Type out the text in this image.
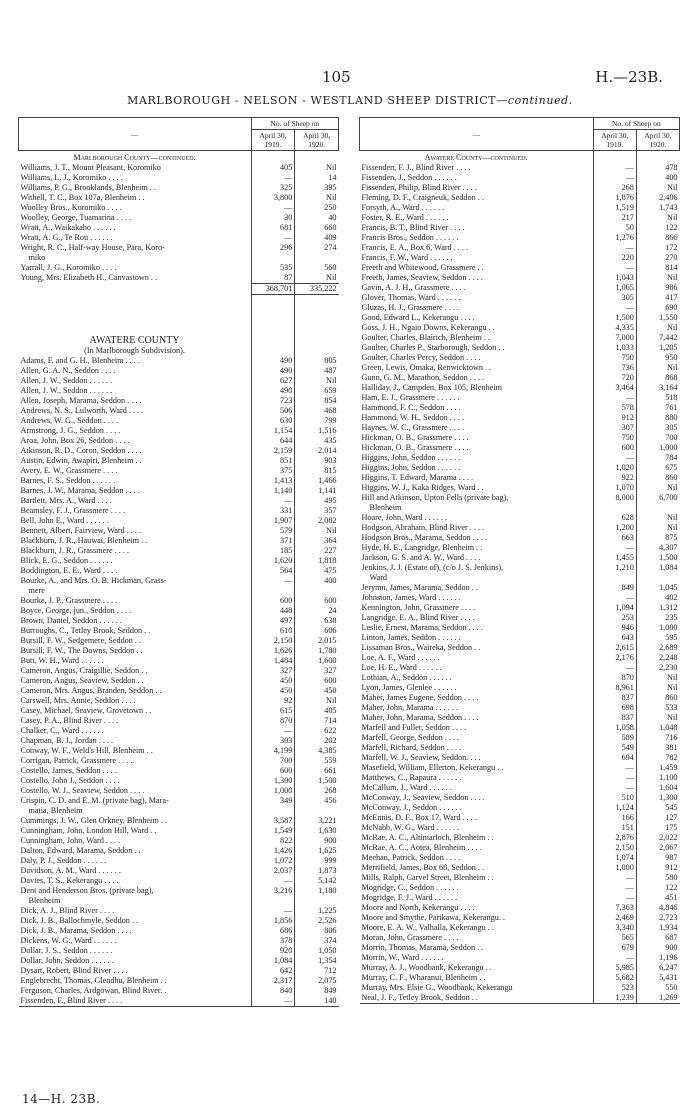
105	H.—23B.
MARLBOROUGH - NELSON - WESTLAND SHEEP DISTRICT—continued.
—	No. of Sheep on	
	April 30, 1919.	April 30, 1920.
Marlborough County—continued.		
Williams, J. T., Mount Pleasant, Koromiko	405	Nil
Williams, L. J., Koromiko . . . .	—	14
Williams, P. G., Brooklands, Blenheim . .	325	395
Withell, T. C., Box 107a, Blenheim . .	3,800	Nil
Woolley Bros., Koromiko . . . .	—	250
Woolley, George, Tuamarina . . . .	30	40
Wratt, A., Waikakaho . . . . . .	681	660
Wratt, A. G., Te Rou . . . . . .	—	409
Wright, R. C., Half-way House, Para, Koro-	296	274
miko		
Yarrall, J. G., Koromiko . . . .	535	560
Young, Mrs. Elizabeth H., Canvastown . .	87	Nil
	368,701	335,222

AWATERE COUNTY		
(In Marlborough Subdivision).		
Adams, F. and G. H., Blenheim . . . .	490	805
Allen, G. A. N., Seddon . . . .	490	487
Allen, J. W., Seddon . . . . . .	627	Nil
Allen, J. W., Seddon . . . . . .	490	659
Allen, Joseph, Marama, Seddon . . . .	723	854
Andrews, N. S., Lulworth, Ward . . . .	506	468
Andrews, W. G., Seddon . . . .	630	799
Armstrong, J. G., Seddon . . . .	1,154	1,516
Aroa, John, Box 26, Seddon . . . .	644	435
Atkinson, R. D., Coron, Seddon . . . .	2,159	2,014
Austin, Edwin, Awapiri, Blenheim . .	851	903
Avery, E. W., Grassmere . . . .	375	815
Barnes, F. S., Seddon . . . . . .	1,413	1,466
Barnes, J. W., Marama, Seddon . . . .	1,140	1,141
Bartlett, Mrs. A., Ward . . . .	—	495
Beamsley, F. J., Grassmere . . . .	331	357
Bell, John E., Ward . . . . . .	1,907	2,082
Bennett, Albert, Fairview, Ward . . . .	579	Nil
Blackburn, J. R., Hauwai, Blenheim . .	371	364
Blackburn, J. R., Grassmere . . . .	185	227
Blick, E. G., Seddon . . . . . .	1,620	1,818
Boddington, E. E., Ward . . . .	564	475
Bourke, A., and Mrs. O. B. Hickman, Grass-	—	400
mere		
Bourke, J. P., Grassmere . . . .	600	600
Boyce, George, jun., Seddon . . . .	448	24
Brown, Daniel, Seddon . . . . . .	497	638
Burroughs, C., Tetley Brook, Seddon . .	610	606
Bursill, F. W., Sedgemere, Seddon . .	2,150	2,015
Bursill, F. W., The Downs, Seddon . .	1,626	1,780
Butt, W. H., Ward . . . . . .	1,484	1,600
Cameron, Angus, Craigillie, Seddon . .	327	327
Cameron, Angus, Seaview, Seddon . .	450	600
Cameron, Mrs. Angus, Branden, Seddon . .	450	450
Carswell, Mrs. Annie, Seddon . . . .	92	Nil
Casey, Michael, Seaview, Grovetown . .	615	405
Casey, P. A., Blind River . . . .	870	714
Chalker, C., Ward . . . . . .	—	622
Chapman, B. J., Jordan . . . .	303	202
Conway, W. F., Weld's Hill, Blenheim . .	4,199	4,385
Corrigan, Patrick, Grassmere . . . .	700	559
Costello, James, Seddon . . . .	600	661
Costello, John J., Seddon . . . .	1,300	1,500
Costello, W. J., Seaview, Seddon . . . .	1,000	268
Crispin, C. D. and E. M. (private bag), Mara-	349	456
matia, Blenheim		
Cummings, J. W., Glen Orkney, Blenheim . .	3,587	3,221
Cunningham, John, London Hill, Ward . .	1,549	1,630
Cunningham, John, Ward . . . .	822	900
Dalton, Edward, Marama, Seddon . .	1,426	1,625
Daly, P. J., Seddon . . . . . .	1,072	999
Davidson, A. M., Ward . . . . . .	2,037	1,873
Davies, T. S., Kekerangu . . . .	—	5,142
Dent and Henderson Bros. (private bag),	3,216	1,180
Blenheim		
Dick, A. J., Blind River . . . .	—	1,225
Dick, J. B., Ballochmyle, Seddon . .	1,856	2,526
Dick, J. B., Marama, Seddon . . . .	686	806
Dickens, W. G., Ward . . . . . .	378	374
Dollar, J. S., Seddon . . . . . .	920	1,050
Dollar, John, Seddon . . . . . .	1,084	1,354
Dysart, Robert, Blind River . . . .	642	712
Englebrecht, Thomas, Glendhu, Blenheim . .	2,317	2,075
Ferguson, Charles, Ardgowan, Blind River. .	840	849
Fissenden, F., Blind River . . . .	—	140
—	No. of Sheep on	
	April 30, 1919.	April 30, 1920.
Awatere County—continued.		
Fissenden, F. J., Blind River . . . .	—	478
Fissenden, J., Seddon . . . . . .	—	400
Fissenden, Philip, Blind River . . . .	268	Nil
Fleming, D. F., Craigneuk, Seddon . .	1,876	2,406
Forsyth, A., Ward . . . . . .	1,519	1,743
Foster, R. E., Ward . . . . . .	217	Nil
Francis, B. T., Blind River . . . .	50	122
Francis Bros., Seddon . . . . . .	1,276	866
Francis, E. A., Box 6, Ward . . . .	—	172
Francis, F. W., Ward . . . . . .	220	270
Freeth and Whitewood, Grassmere . .	—	814
Freeth, James, Seaview, Seddon . . . .	1,043	Nil
Gavin, A. J. H., Grassmere . . . .	1,065	986
Glover, Thomas, Ward . . . . . .	305	417
Gluzas, H. J., Grassmere . . . .	—	690
Good, Edward L., Kekerangu . . . .	1,500	1,550
Goss, J. H., Ngaio Downs, Kekerangu . .	4,335	Nil
Goulter, Charles, Blairich, Blenheim . .	7,000	7,442
Goulter, Charles P., Starborough, Seddon . .	1,033	1,205
Goulter, Charles Percy, Seddon . . . .	750	950
Green, Lewis, Omaka, Renwicktown . .	736	Nil
Gunn, G. M., Marathon, Seddon . . . .	720	868
Halliday, J., Campden, Box 105, Blenheim	3,464	3,164
Ham, E. J., Grassmere . . . . . .	—	518
Hammond, F. C., Seddon . . . .	578	761
Hammond, W. H., Seddon . . . .	912	880
Haynes, W. C., Grassmere . . . .	307	305
Hickman, O. B., Grassmere . . . .	750	700
Hickman, O. B., Grassmere . . . .	600	1,000
Higgins, John, Seddon . . . . . .	—	784
Higgins, John, Seddon . . . . . .	1,020	675
Higgins, T. Edward, Marama . . . .	922	860
Higgins, W. J., Kaka Ridges, Ward . .	1,070	Nil
Hill and Atkinson, Upton Fells (private bag),	8,000	6,700
Blenheim		
Hoare, John, Ward . . . . . .	628	Nil
Hodgson, Abraham, Blind River . . . .	1,200	Nil
Hodgson Bros., Marama, Seddon . . . .	663	875
Hyde, H. E., Langridge, Blenheim . .	—	4,307
Jackson, G. S. and A. W., Ward . . . .	1,455	1,500
Jenkins, J. J. (Estate of), (c/o J. S. Jenkins),	1,210	1,084
Ward		
Jerymn, James, Marama, Seddon . .	849	1,045
Johnston, James, Ward . . . . . .	—	402
Kennington, John, Grassmere . . . .	1,094	1,312
Langridge, E. A., Blind River . . . .	253	235
Leslie, Ernest, Marama, Seddon . . . .	946	1,000
Linton, James, Seddon . . . . . .	643	595
Lissaman Bros., Waireka, Seddon . .	2,615	2,689
Loe, A. F., Ward . . . . . .	2,176	2,248
Loe, H. E., Ward . . . . . .	—	2,230
Lothian, A., Seddon . . . . . .	870	Nil
Lyon, James, Glenlee . . . . . .	8,961	Nil
Maher, James Eugene, Seddon . . . .	837	860
Maher, John, Marama . . . . . .	698	533
Maher, John, Marama, Seddon . . . .	837	Nil
Marfell and Fuller, Seddon . . . .	1,058	1,048
Marfell, George, Seddon . . . .	589	716
Marfell, Richard, Seddon . . . .	549	381
Marfell, W. J., Seaview, Seddon. . . .	694	782
Masefield, William, Ellerton, Kekerangu . .	—	1,459
Matthews, C., Rapaura . . . . . .	—	1,100
McCallum, J., Ward . . . . . .	—	1,604
McConway, J., Seaview, Seddon . . . .	510	1,300
McConway, J., Seddon . . . . . .	1,124	545
McEnnis, D. F., Box 17, Ward . . . .	166	127
McNabb, W. G., Ward . . . . . .	151	175
McRae, A. C., Altimarloch, Blenheim . .	2,876	2,022
McRae, A. C., Aotea, Blenheim . . . .	2,150	2,067
Meehan, Patrick, Seddon . . . .	1,074	987
Merrifield, James, Box 68, Seddon . .	1,000	912
Mills, Ralph, Carvel Street, Blenheim . .	—	580
Mogridge, C., Seddon . . . . . .	—	122
Mogridge, F. J., Ward . . . . . .	—	451
Moore and North, Kekerangu . . . .	7,363	4,846
Moore and Smythe, Parikawa, Kekerangu. .	2,469	2,723
Moore, E. A. W., Valhalla, Kekerangu . .	3,340	1,934
Moran, John, Grassmere . . . .	565	687
Morrin, Thomas, Marama, Seddon . .	679	900
Morrin, W., Ward . . . . . .	—	1,196
Murray, A. J., Woodbank, Kekerangu . .	5,985	6,247
Murray, C. F., Wharanui, Blenheim . .	5,682	5,431
Murray, Mrs. Elsie G., Woodbank, Kekerangu	523	550
Neal, J. F., Tetley Brook, Seddon . .	1,239	1,269
14—H. 23B.
